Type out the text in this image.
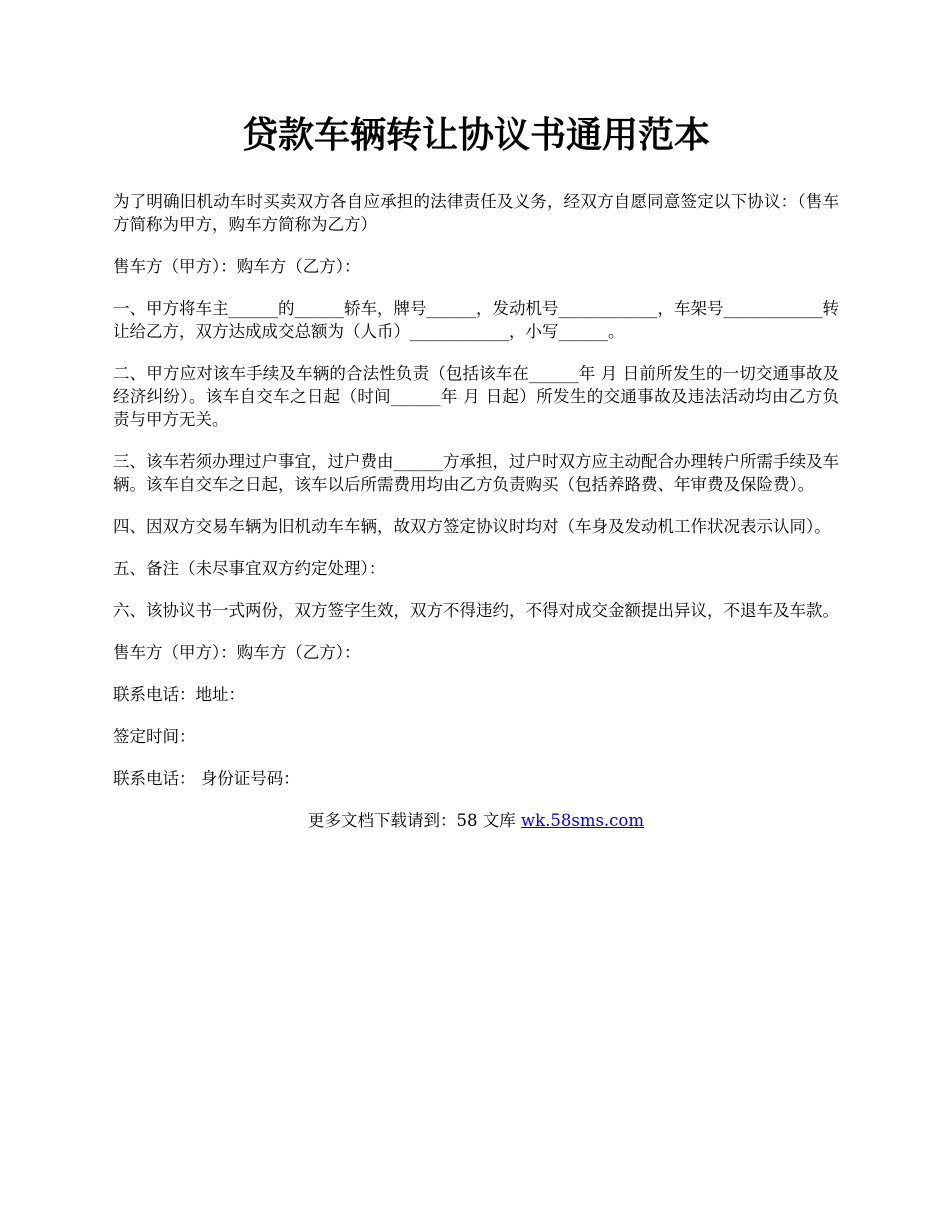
贷款车辆转让协议书通用范本

为了明确旧机动车时买卖双方各自应承担的法律责任及义务，经双方自愿同意签定以下协议：（售车方简称为甲方，购车方简称为乙方）

售车方（甲方）：购车方（乙方）：

一、甲方将车主______的______轿车，牌号______，发动机号____________，车架号____________转让给乙方，双方达成成交总额为（人币）____________，小写______。

二、甲方应对该车手续及车辆的合法性负责（包括该车在______年 月 日前所发生的一切交通事故及经济纠纷）。该车自交车之日起（时间______年 月 日起）所发生的交通事故及违法活动均由乙方负责与甲方无关。

三、该车若须办理过户事宜，过户费由______方承担，过户时双方应主动配合办理转户所需手续及车辆。该车自交车之日起，该车以后所需费用均由乙方负责购买（包括养路费、年审费及保险费）。

四、因双方交易车辆为旧机动车车辆，故双方签定协议时均对（车身及发动机工作状况表示认同）。

五、备注（未尽事宜双方约定处理）：

六、该协议书一式两份，双方签字生效，双方不得违约，不得对成交金额提出异议，不退车及车款。

售车方（甲方）：购车方（乙方）：

联系电话：地址：

签定时间：

联系电话： 身份证号码：

更多文档下载请到：58 文库 wk.58sms.com
